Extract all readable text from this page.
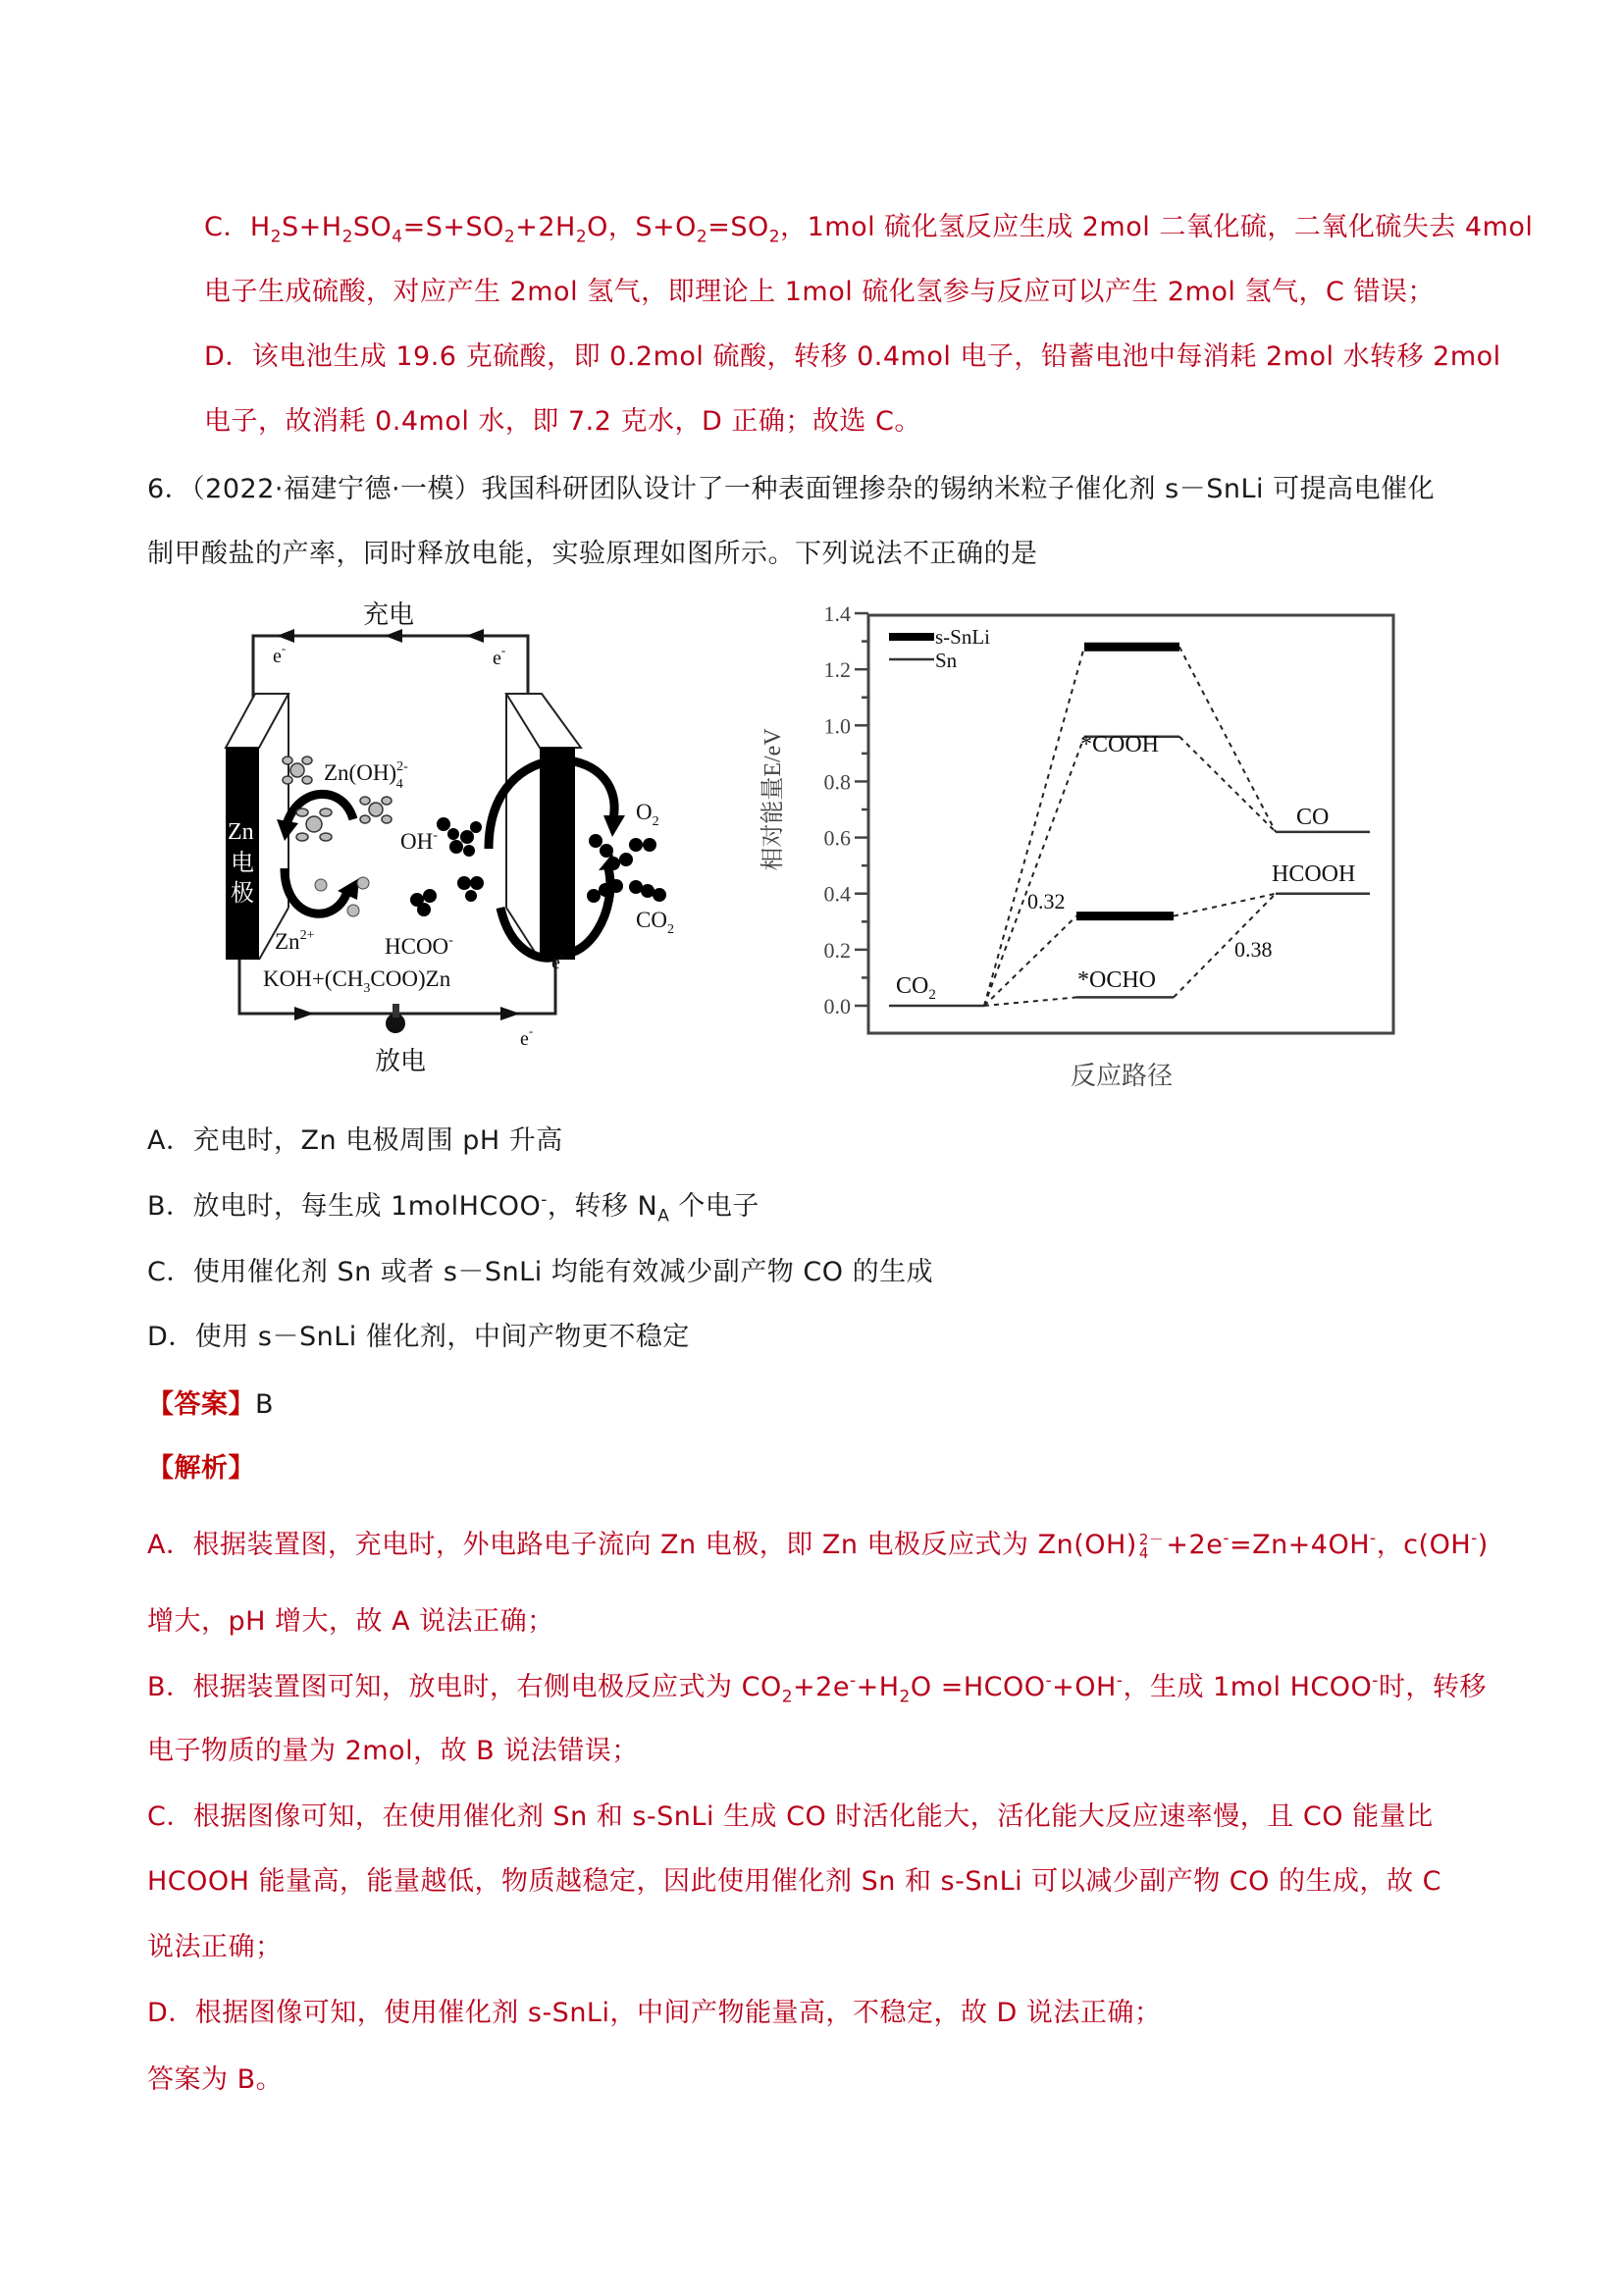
C．$H_2S+H_2SO_4=S+SO_2+2H_2O$，$S+O_2=SO_2$，1mol 硫化氢反应生成 2mol 二氧化硫，二氧化硫失去 4mol
电子生成硫酸，对应产生 2mol 氢气，即理论上 1mol 硫化氢参与反应可以产生 2mol 氢气，C 错误；
D．该电池生成 19.6 克硫酸，即 0.2mol 硫酸，转移 0.4mol 电子，铅蓄电池中每消耗 2mol 水转移 2mol
电子，故消耗 0.4mol 水，即 7.2 克水，D 正确；故选 C。
6．（2022·福建宁德·一模）我国科研团队设计了一种表面锂掺杂的锡纳米粒子催化剂 s－SnLi 可提高电催化
制甲酸盐的产率，同时释放电能，实验原理如图所示。下列说法不正确的是
充电
e-	e-
Zn
电
极
放电
e-
Zn(OH)$^{2-}$4
$Zn^{2+}$
OH-
HCOO-
$KOH+(CH_3COO)Zn$
$O_2$
$CO_2$
e-
0.0
0.2
0.4
0.6
0.8
1.0
1.2
1.4
相对能量E/eV
反应路径
s-SnLi
Sn
$CO_2$
*COOH
*OCHO
CO
HCOOH
0.32
0.38
A．充电时，Zn 电极周围 pH 升高
B．放电时，每生成 1molHCOO-，转移 $N_A$ 个电子
C．使用催化剂 Sn 或者 s－SnLi 均能有效减少副产物 CO 的生成
D．使用 s－SnLi 催化剂，中间产物更不稳定
【答案】B
【解析】
A．根据装置图，充电时，外电路电子流向 Zn 电极，即 Zn 电极反应式为 Zn(OH) 2－
4 +2e-=Zn+4OH-，c(OH-)
增大，pH 增大，故 A 说法正确；
B．根据装置图可知，放电时，右侧电极反应式为 $CO_2+2e^-+H_2O$ =HCOO-+OH-，生成 1mol HCOO-时，转移
电子物质的量为 2mol，故 B 说法错误；
C．根据图像可知，在使用催化剂 Sn 和 s-SnLi 生成 CO 时活化能大，活化能大反应速率慢，且 CO 能量比
HCOOH 能量高，能量越低，物质越稳定，因此使用催化剂 Sn 和 s-SnLi 可以减少副产物 CO 的生成，故 C
说法正确；
D．根据图像可知，使用催化剂 s-SnLi，中间产物能量高，不稳定，故 D 说法正确；
答案为 B。
